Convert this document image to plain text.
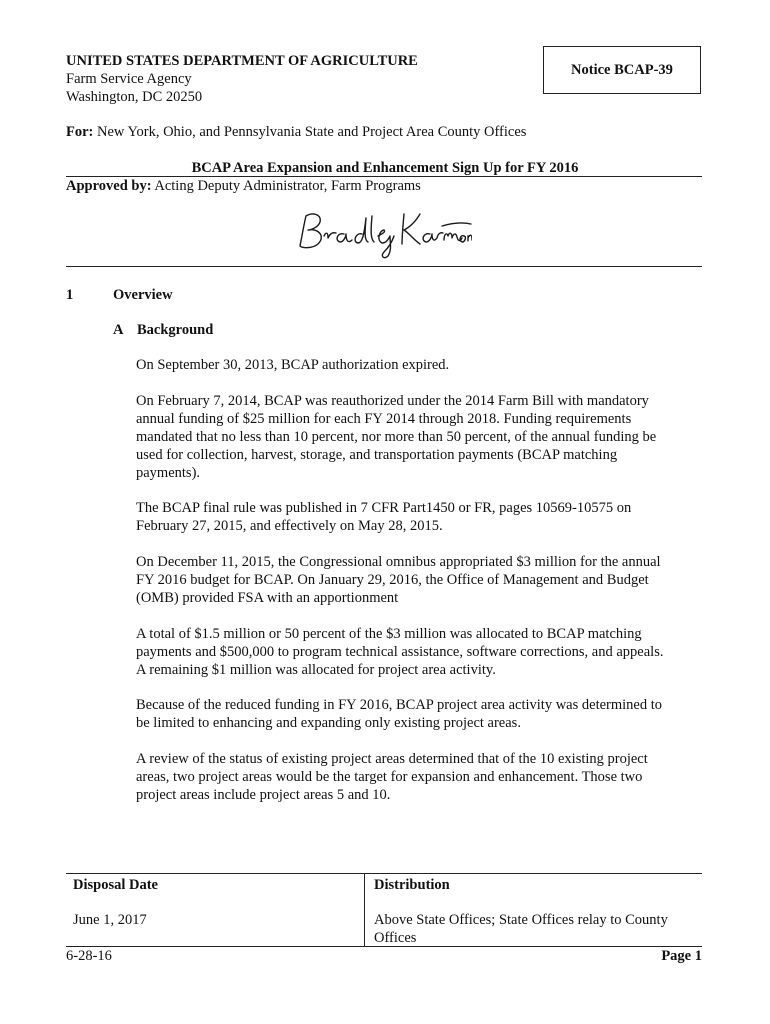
UNITED STATES DEPARTMENT OF AGRICULTURE
Farm Service Agency
Washington, DC 20250
Notice BCAP-39
For: New York, Ohio, and Pennsylvania State and Project Area County Offices
BCAP Area Expansion and Enhancement Sign Up for FY 2016
Approved by: Acting Deputy Administrator, Farm Programs
1	Overview
A Background

On September 30, 2013, BCAP authorization expired.

On February 7, 2014, BCAP was reauthorized under the 2014 Farm Bill with mandatory

annual funding of $25 million for each FY 2014 through 2018. Funding requirements

mandated that no less than 10 percent, nor more than 50 percent, of the annual funding be

used for collection, harvest, storage, and transportation payments (BCAP matching

payments).

The BCAP final rule was published in 7 CFR Part1450 or FR, pages 10569-10575 on

February 27, 2015, and effectively on May 28, 2015.

On December 11, 2015, the Congressional omnibus appropriated $3 million for the annual

FY 2016 budget for BCAP. On January 29, 2016, the Office of Management and Budget

(OMB) provided FSA with an apportionment

A total of $1.5 million or 50 percent of the $3 million was allocated to BCAP matching

payments and $500,000 to program technical assistance, software corrections, and appeals.

A remaining $1 million was allocated for project area activity.

Because of the reduced funding in FY 2016, BCAP project area activity was determined to

be limited to enhancing and expanding only existing project areas.

A review of the status of existing project areas determined that of the 10 existing project

areas, two project areas would be the target for expansion and enhancement. Those two

project areas include project areas 5 and 10.

Disposal Date	Distribution
June 1, 2017	Above State Offices; State Offices relay to County
Offices
6-28-16	Page 1
